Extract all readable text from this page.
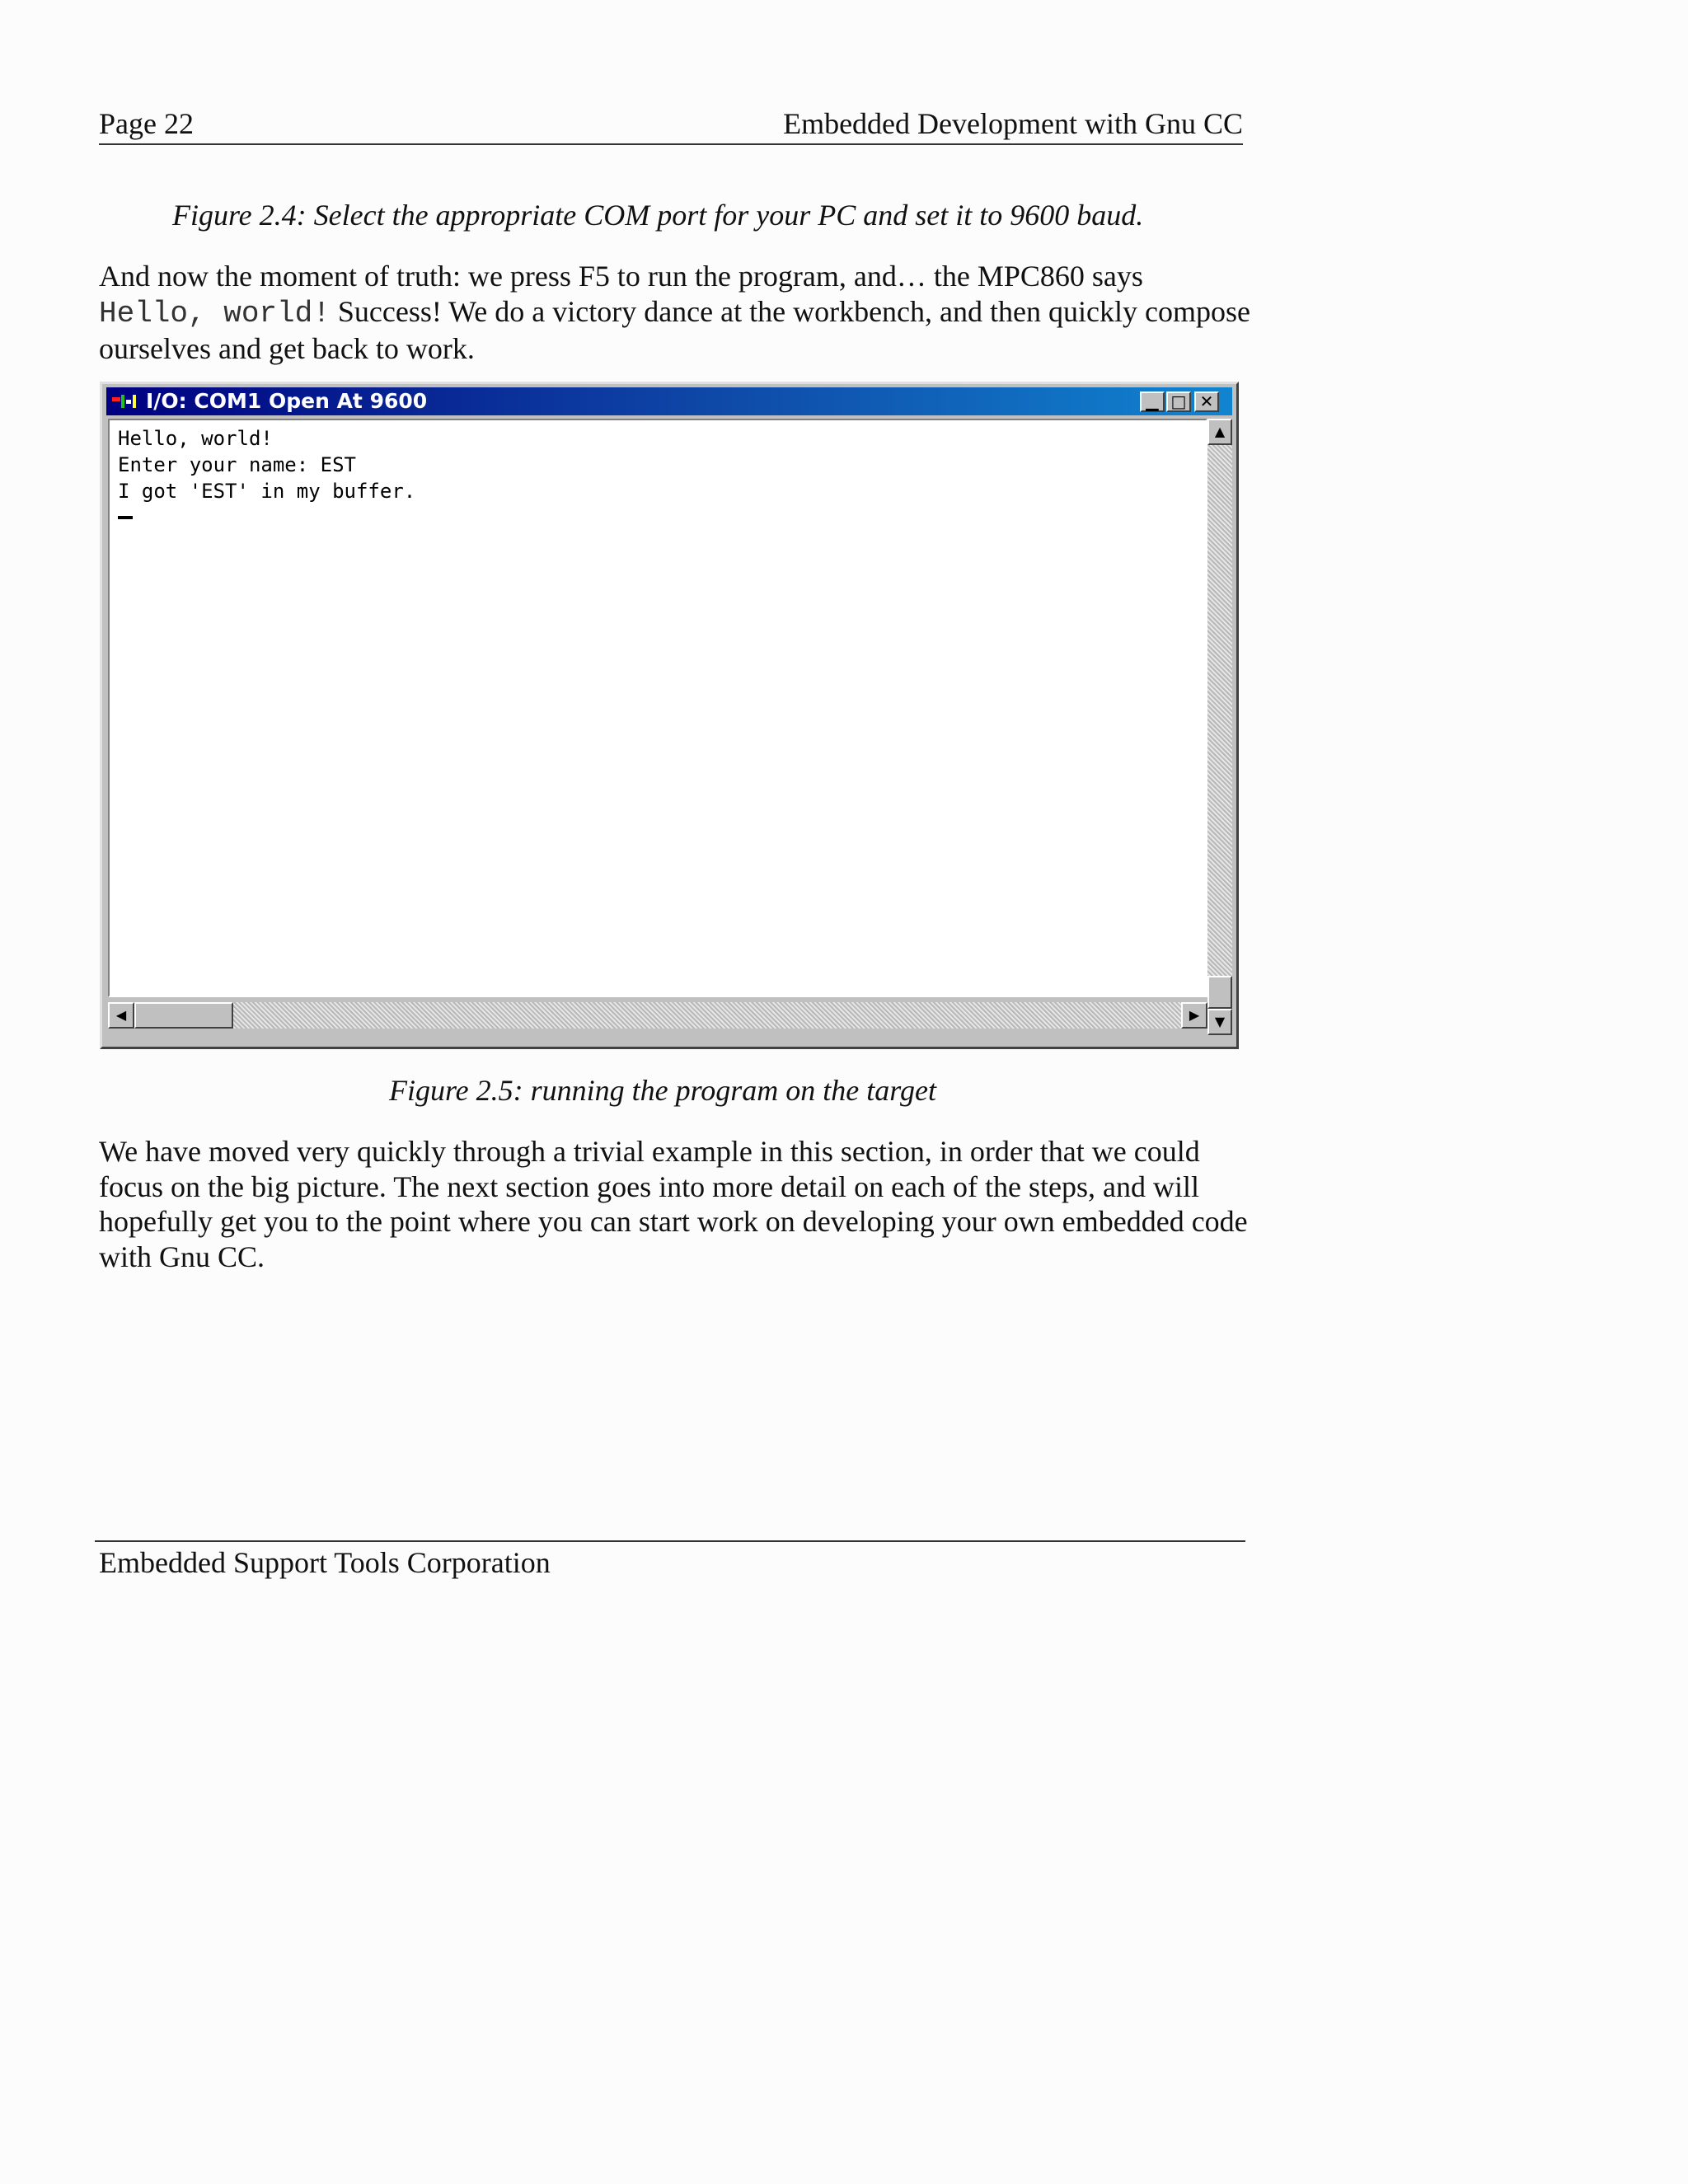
Page 22	Embedded Development with Gnu CC
Figure 2.4: Select the appropriate COM port for your PC and set it to 9600 baud.
And now the moment of truth: we press F5 to run the program, and… the MPC860 says
Hello, world! Success! We do a victory dance at the workbench, and then quickly compose ourselves and get back to work.
I/O: COM1 Open At 9600	▁ □ ✕
Hello, world!
Enter your name: EST
I got 'EST' in my buffer.
▲
▼
◀	▶
Figure 2.5: running the program on the target
We have moved very quickly through a trivial example in this section, in order that we could focus on the big picture. The next section goes into more detail on each of the steps, and will hopefully get you to the point where you can start work on developing your own embedded code with Gnu CC.
Embedded Support Tools Corporation
